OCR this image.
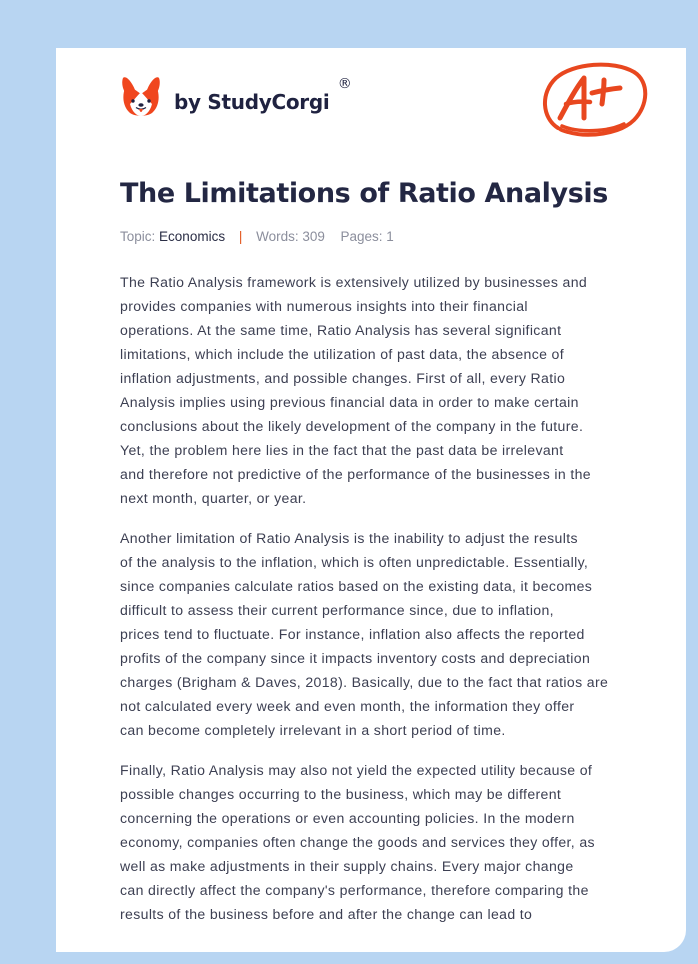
by StudyCorgi
®
The Limitations of Ratio Analysis
Topic: Economics | Words: 309 Pages: 1

The Ratio Analysis framework is extensively utilized by businesses and
provides companies with numerous insights into their financial
operations. At the same time, Ratio Analysis has several significant
limitations, which include the utilization of past data, the absence of
inflation adjustments, and possible changes. First of all, every Ratio
Analysis implies using previous financial data in order to make certain
conclusions about the likely development of the company in the future.
Yet, the problem here lies in the fact that the past data be irrelevant
and therefore not predictive of the performance of the businesses in the
next month, quarter, or year.

Another limitation of Ratio Analysis is the inability to adjust the results
of the analysis to the inflation, which is often unpredictable. Essentially,
since companies calculate ratios based on the existing data, it becomes
difficult to assess their current performance since, due to inflation,
prices tend to fluctuate. For instance, inflation also affects the reported
profits of the company since it impacts inventory costs and depreciation
charges (Brigham & Daves, 2018). Basically, due to the fact that ratios are
not calculated every week and even month, the information they offer
can become completely irrelevant in a short period of time.

Finally, Ratio Analysis may also not yield the expected utility because of
possible changes occurring to the business, which may be different
concerning the operations or even accounting policies. In the modern
economy, companies often change the goods and services they offer, as
well as make adjustments in their supply chains. Every major change
can directly affect the company's performance, therefore comparing the
results of the business before and after the change can lead to
